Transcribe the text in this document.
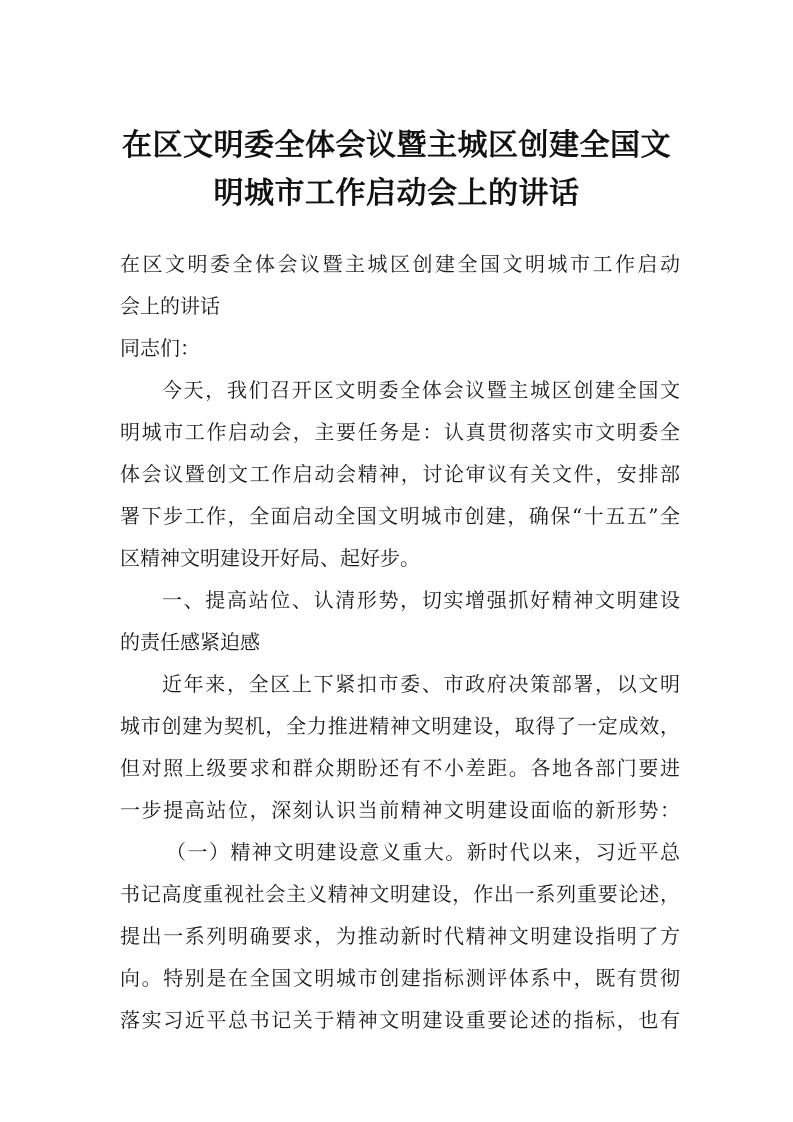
在区文明委全体会议暨主城区创建全国文
明城市工作启动会上的讲话
在区文明委全体会议暨主城区创建全国文明城市工作启动
会上的讲话
同志们：
今天，我们召开区文明委全体会议暨主城区创建全国文
明城市工作启动会，主要任务是：认真贯彻落实市文明委全
体会议暨创文工作启动会精神，讨论审议有关文件，安排部
署下步工作，全面启动全国文明城市创建，确保“十五五”全
区精神文明建设开好局、起好步。
一、提高站位、认清形势，切实增强抓好精神文明建设
的责任感紧迫感
近年来，全区上下紧扣市委、市政府决策部署，以文明
城市创建为契机，全力推进精神文明建设，取得了一定成效，
但对照上级要求和群众期盼还有不小差距。各地各部门要进
一步提高站位，深刻认识当前精神文明建设面临的新形势：
（一）精神文明建设意义重大。新时代以来，习近平总
书记高度重视社会主义精神文明建设，作出一系列重要论述，
提出一系列明确要求，为推动新时代精神文明建设指明了方
向。特别是在全国文明城市创建指标测评体系中，既有贯彻
落实习近平总书记关于精神文明建设重要论述的指标，也有
